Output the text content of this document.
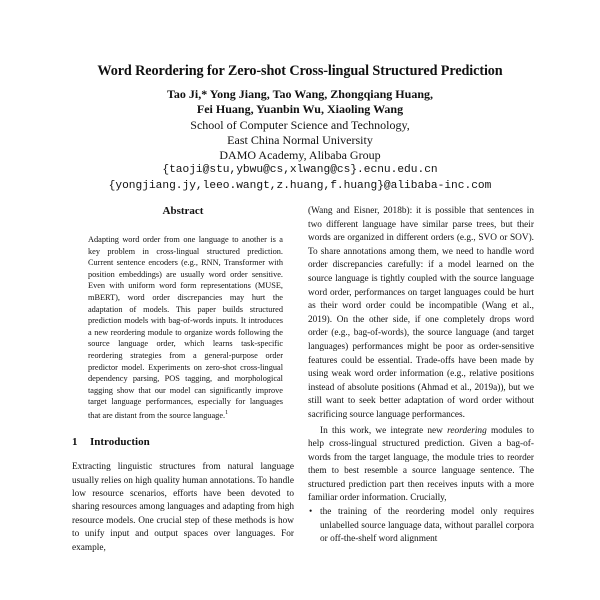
Word Reordering for Zero-shot Cross-lingual Structured Prediction
Tao Ji,* Yong Jiang, Tao Wang, Zhongqiang Huang,
Fei Huang, Yuanbin Wu, Xiaoling Wang
School of Computer Science and Technology,
East China Normal University
DAMO Academy, Alibaba Group
{taoji@stu,ybwu@cs,xlwang@cs}.ecnu.edu.cn
{yongjiang.jy,leeo.wangt,z.huang,f.huang}@alibaba-inc.com
Abstract

Adapting word order from one language to another is a key problem in cross-lingual structured prediction. Current sentence encoders (e.g., RNN, Transformer with position embeddings) are usually word order sensitive. Even with uniform word form representations (MUSE, mBERT), word order discrepancies may hurt the adaptation of models. This paper builds structured prediction models with bag-of-words inputs. It introduces a new reordering module to organize words following the source language order, which learns task-specific reordering strategies from a general-purpose order predictor model. Experiments on zero-shot cross-lingual dependency parsing, POS tagging, and morphological tagging show that our model can significantly improve target language performances, especially for languages that are distant from the source language.$^1$

1 Introduction

Extracting linguistic structures from natural language usually relies on high quality human annotations. To handle low resource scenarios, efforts have been devoted to sharing resources among languages and adapting from high resource models. One crucial step of these methods is how to unify input and output spaces over languages. For example,

(Wang and Eisner, 2018b): it is possible that sentences in two different language have similar parse trees, but their words are organized in different orders (e.g., SVO or SOV). To share annotations among them, we need to handle word order discrepancies carefully: if a model learned on the source language is tightly coupled with the source language word order, performances on target languages could be hurt as their word order could be incompatible (Wang et al., 2019). On the other side, if one completely drops word order (e.g., bag-of-words), the source language (and target languages) performances might be poor as order-sensitive features could be essential. Trade-offs have been made by using weak word order information (e.g., relative positions instead of absolute positions (Ahmad et al., 2019a)), but we still want to seek better adaptation of word order without sacrificing source language performances.

In this work, we integrate new reordering modules to help cross-lingual structured prediction. Given a bag-of-words from the target language, the module tries to reorder them to best resemble a source language sentence. The structured prediction part then receives inputs with a more familiar order information. Crucially,

• the training of the reordering model only requires unlabelled source language data, without parallel corpora or off-the-shelf word alignment
